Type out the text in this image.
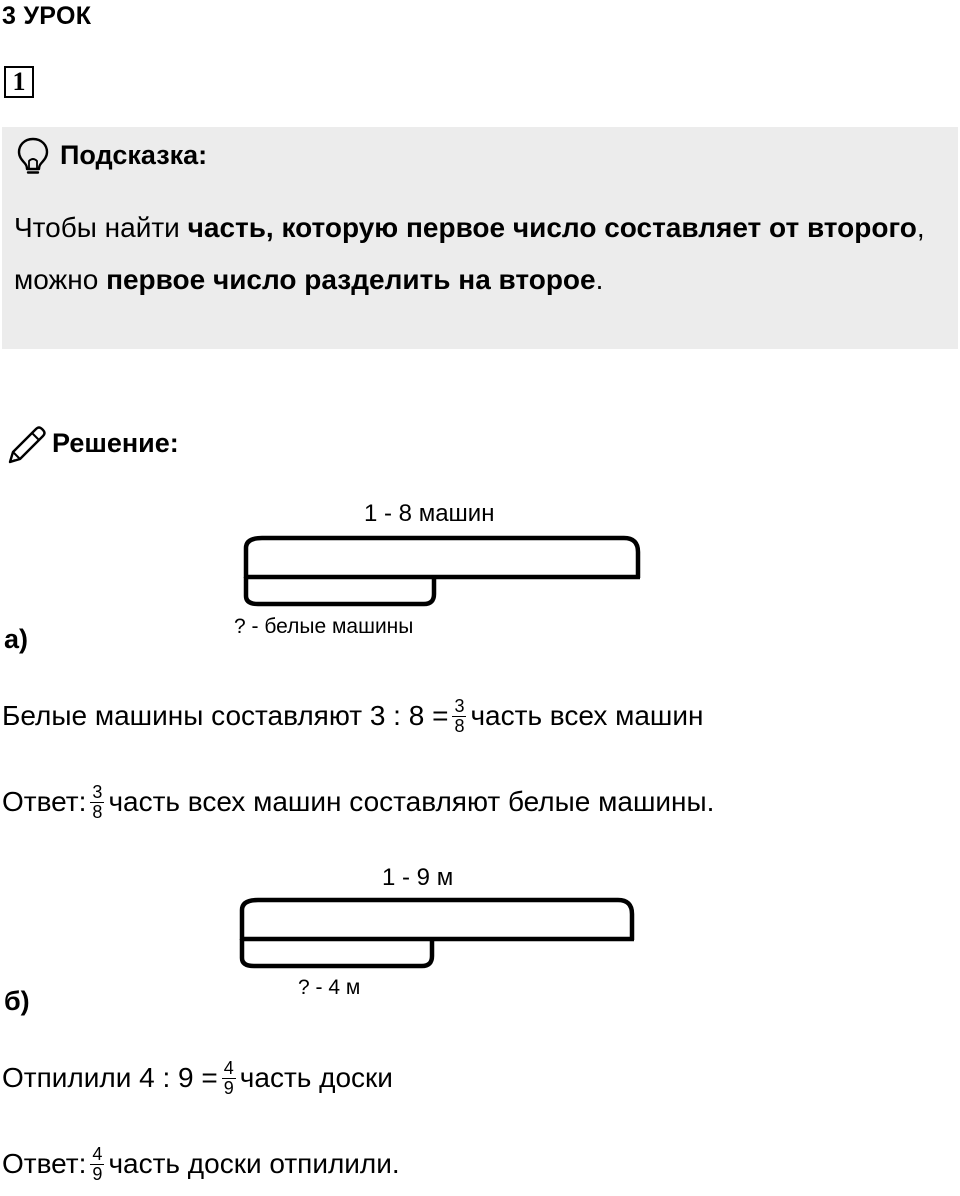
3 УРОК
1
Подсказка:
Чтобы найти часть, которую первое число составляет от второго, можно первое число разделить на второе.
Решение:
1 - 8 машин
? - белые машины
а)
Белые машины составляют 3 : $8 = \frac{3}{8}$ часть всех машин
Ответ: $\frac{3}{8}$ часть всех машин составляют белые машины.
1 - 9 м
? - 4 м
б)
Отпилили 4 : $9 = \frac{4}{9}$ часть доски
Ответ: $\frac{4}{9}$ часть доски отпилили.
